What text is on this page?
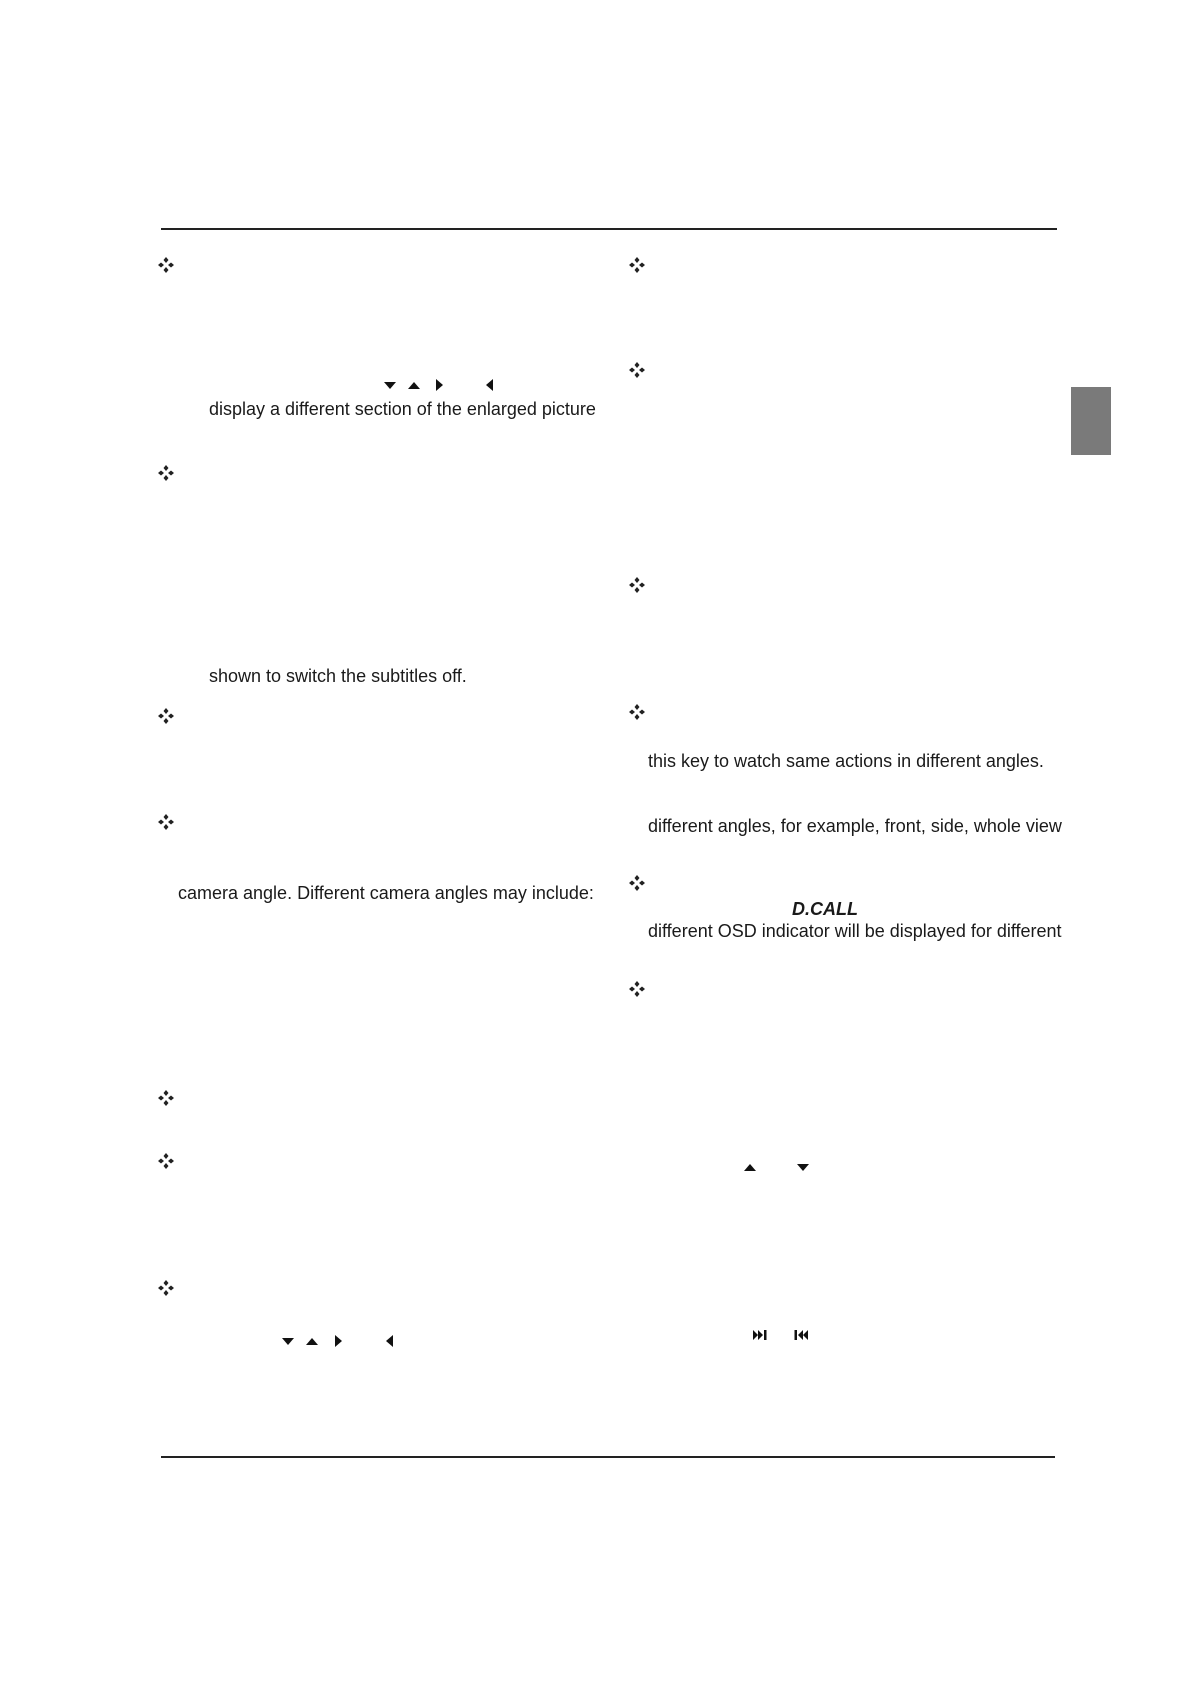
display a different section of the enlarged picture
shown to switch the subtitles off.
camera angle. Different camera angles may include:
this key to watch same actions in different angles.
different angles, for example, front, side, whole view
D.CALL
different OSD indicator will be displayed for different
